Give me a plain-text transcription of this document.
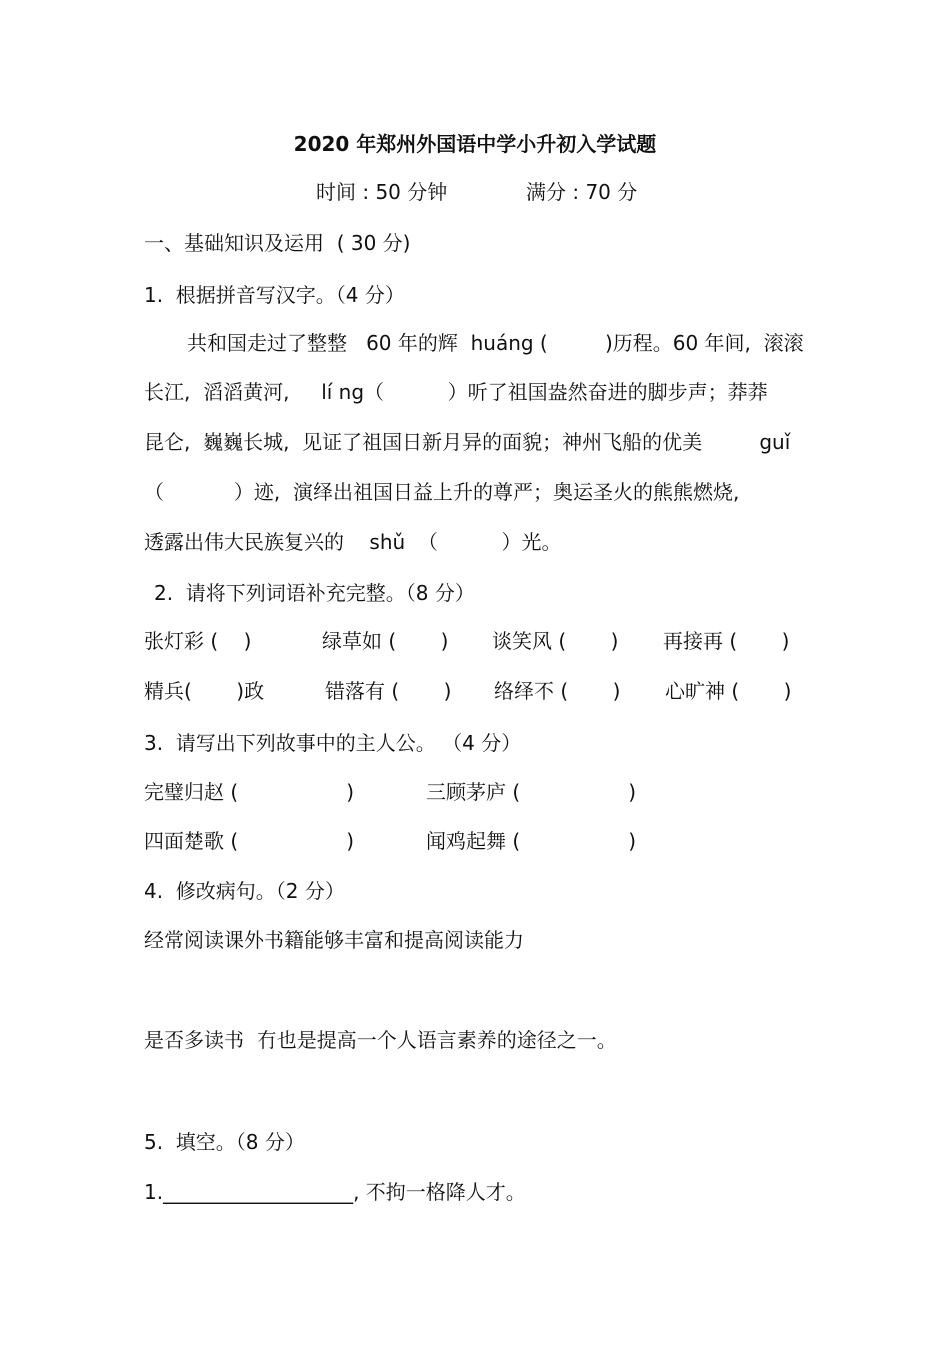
2020 年郑州外国语中学小升初入学试题
时间 : 50 分钟	满分 : 70 分
一、基础知识及运用  ( 30 分)
1.  根据拼音写汉字。（4 分）
共和国走过了整整   60 年的辉  huáng (         )历程。60 年间,  滚滚
长江,  滔滔黄河,     lí ng（          ）听了祖国盎然奋进的脚步声；莽莽
昆仑,  巍巍长城,  见证了祖国日新月异的面貌；神州飞船的优美         guǐ
（           ）迹,  演绎出祖国日益上升的尊严；奥运圣火的熊熊燃烧,
透露出伟大民族复兴的    shǔ  （          ）光。
2.  请将下列词语补充完整。（8 分）
张灯彩 (    )	绿草如 (       ) 谈笑风 (       ) 再接再 (       )
精兵(       )政	错落有 (       ) 络绎不 (       ) 心旷神 (       )
3.  请写出下列故事中的主人公。 （4 分）
完璧归赵 (                 )	三顾茅庐 (                 )
四面楚歌 (                 )	闻鸡起舞 (                 )
4.  修改病句。（2 分）
经常阅读课外书籍能够丰富和提高阅读能力
是否多读书  冇也是提高一个人语言素养的途径之一。
5.  填空。（8 分）
1.___________________, 不拘一格降人才。
